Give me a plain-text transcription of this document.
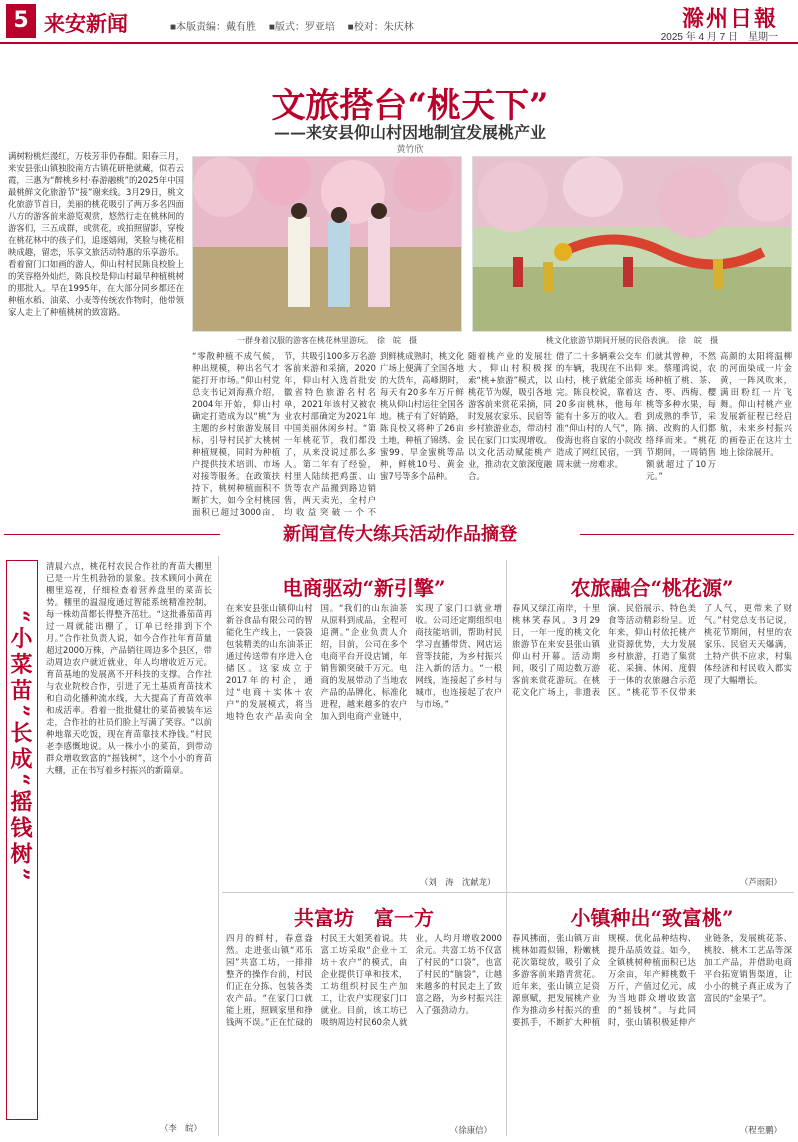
5 来安新闻	■本版责编：戴有胜 ■版式：罗亚培 ■校对：朱庆林	滁州日報
2025 年 4 月 7 日　星期一
文旅搭台“桃天下”
——来安县仰山村因地制宜发展桃产业
黄竹欣
满树粉桃烂漫红，万枝芳菲仍春酣。阳春三月，来安县张山镇独胶南方古镇花研艳就藏，似若云霞，三惠为“醉桃乡村·春游融桃”的2025年中国最桃鲜文化旅游节“接”谢来线。3月29日，桃文化旅游节首日，美丽的桃花吸引了两万多名四面八方的游客前来游览观赏，悠然行走在桃林间的游客们，三五成群，或赏花，或拍照留影，穿梭在桃花林中的孩子们，追逐嬉闹，笑脸与桃花相映成趣，留恋，乐享文旅活动特惠的乐享游乐。看着窗门口如画的游人，仰山村村民陈良校脸上的笑容格外灿烂，陈良校是仰山村最早种植桃树的那批人。早在1995年，在大部分同乡都还在种植水稻、油菜、小麦等传统农作物时，他带领家人走上了种植桃树的致富路。
一群身着汉服的游客在桃花林里游玩。　徐　皖　摄	桃文化旅游节期间开展的民俗表演。　徐　皖　摄
“零散种植不成气候，种出规模，种出名气才能打开市场。”仰山村党总支书记刘海燕介绍，2004年开始，仰山村确定打造成为以“桃”为主题的乡村旅游发展目标，引导村民扩大桃树种植规模，同时为种植户提供技术培训、市场对接等服务。在政策扶持下，桃树种植面积不断扩大，如今全村桃园面积已超过3000亩，
节，共吸引100多万名游客前来游和采摘，2020年，仰山村入选首批安徽省特色旅游名村名单，2021年该村又被农业农村部确定为2021年中国美丽休闲乡村。“第一年桃花节，我们都没了，从来没说过那么多人。第二年有了经验，村里人陆续把鸡蛋、山货等农产品搬到路边销售，两天卖光，全村户均收益突破一个不
到鲜桃成熟时，桃文化广场上便满了全国各地的大货车，高峰期时，每天有20多车万斤鲜桃从仰山村运往全国各地。桃子有了好销路，陈良校又将种了26亩土地，种植了锦绣、金蜜99、早金蜜桃等品种，鲜桃10号、黄金蜜7号等多个品种。
随着桃产业的发展壮大，仰山村积极探索“桃+旅游”模式，以桃花节为媒，吸引各地游客前来赏花采摘，同时发展农家乐、民宿等乡村旅游业态，带动村民在家门口实现增收。以文化活动赋能桃产业，推动农文旅深度融合。
借了二十多辆乘公交车的车辆，我现在不出仰山村，桃子就能全部卖完。陈良校说，靠着这20多亩桃林，他每年能有十多万的收入。看准“仰山村的人气”，陈俊海也将自家的小院改造成了网红民宿，一到周末就一房难求。
们就其曾种，不然来。蔡瑾鸿说，农场种植了桃、茶、杏、枣、西梅、樱桃等多种水果，每到成熟的季节，采摘、改购的人们都络绎而来。“桃花节期间，一周销售额就超过了10万元。”
高颜的太阳将温柳的河面染成一片金黄，一阵风吹来，满田粉红一片飞舞。仰山村桃产业发展新征程已经启航，未来乡村振兴的画卷正在这片土地上徐徐展开。
新闻宣传大练兵活动作品摘登
“小菜苗”长成“摇钱树”
清晨六点，桃花村农民合作社的育苗大棚里已是一片生机勃勃的景象。技术顾问小黄在棚里巡视，仔细检查着营养盘里的菜苗长势。棚里的温湿度通过智能系统精准控制，每一株幼苗都长得整齐茁壮。“这批番茄苗再过一周就能出棚了，订单已经排到下个月。”合作社负责人说，如今合作社年育苗量超过2000万株，产品销往周边多个县区，带动周边农户就近就业，年人均增收近万元。育苗基地的发展离不开科技的支撑。合作社与农业院校合作，引进了无土基质育苗技术和自动化播种流水线，大大提高了育苗效率和成活率。看着一批批健壮的菜苗被装车运走，合作社的社员们脸上写满了笑容。“以前种地靠天吃饭，现在育苗靠技术挣钱。”村民老李感慨地说。从一株小小的菜苗，到带动群众增收致富的“摇钱树”，这个小小的育苗大棚，正在书写着乡村振兴的新篇章。
（李　皖）
电商驱动“新引擎”
在来安县张山镇仰山村新谷食品有限公司的智能化生产线上，一袋袋包装精美的山东油茶正通过传送带有序进入仓储区。这家成立于2017年的村企，通过“电商＋实体＋农户”的发展模式，将当地特色农产品卖向全国。“我们的山东油茶从原料到成品，全程可追溯。”企业负责人介绍，目前，公司在多个电商平台开设店铺，年销售额突破千万元。电商的发展带动了当地农产品的品牌化、标准化进程，越来越多的农户加入到电商产业链中，实现了家门口就业增收。公司还定期组织电商技能培训，帮助村民学习直播带货、网店运营等技能，为乡村振兴注入新的活力。“一根网线，连接起了乡村与城市，也连接起了农户与市场。”
（刘　涛　沈献龙）
农旅融合“桃花源”
春风又绿江南岸，十里桃林笑春风。3月29日，一年一度的桃文化旅游节在来安县张山镇仰山村开幕。活动期间，吸引了周边数万游客前来赏花游玩。在桃花文化广场上，非遗表演、民俗展示、特色美食等活动精彩纷呈。近年来，仰山村依托桃产业资源优势，大力发展乡村旅游，打造了集赏花、采摘、休闲、度假于一体的农旅融合示范区。“桃花节不仅带来了人气，更带来了财气。”村党总支书记说，桃花节期间，村里的农家乐、民宿天天爆满，土特产供不应求，村集体经济和村民收入都实现了大幅增长。
（芦雨阳）
共富坊　富一方
四月的鲜村，春意盎然。走进张山镇“邓乐园”共富工坊，一排排整齐的操作台前，村民们正在分拣、包装各类农产品。“在家门口就能上班，照顾家里和挣钱两不误。”正在忙碌的村民王大姐笑着说。共富工坊采取“企业＋工坊＋农户”的模式，由企业提供订单和技术，工坊组织村民生产加工，让农户实现家门口就业。目前，该工坊已吸纳周边村民60余人就业，人均月增收2000余元。共富工坊不仅富了村民的“口袋”，也富了村民的“脑袋”，让越来越多的村民走上了致富之路，为乡村振兴注入了强劲动力。
（徐康信）
小镇种出“致富桃”
春风拂面，张山镇万亩桃林如霞似锦，粉嫩桃花次第绽放，吸引了众多游客前来踏青赏花。近年来，张山镇立足资源禀赋，把发展桃产业作为推动乡村振兴的重要抓手，不断扩大种植规模、优化品种结构、提升品质效益。如今，全镇桃树种植面积已达万余亩，年产鲜桃数千万斤，产值过亿元，成为当地群众增收致富的“摇钱树”。与此同时，张山镇积极延伸产业链条，发展桃花茶、桃胶、桃木工艺品等深加工产品，并借助电商平台拓宽销售渠道，让小小的桃子真正成为了富民的“金果子”。
（程至鹏）
